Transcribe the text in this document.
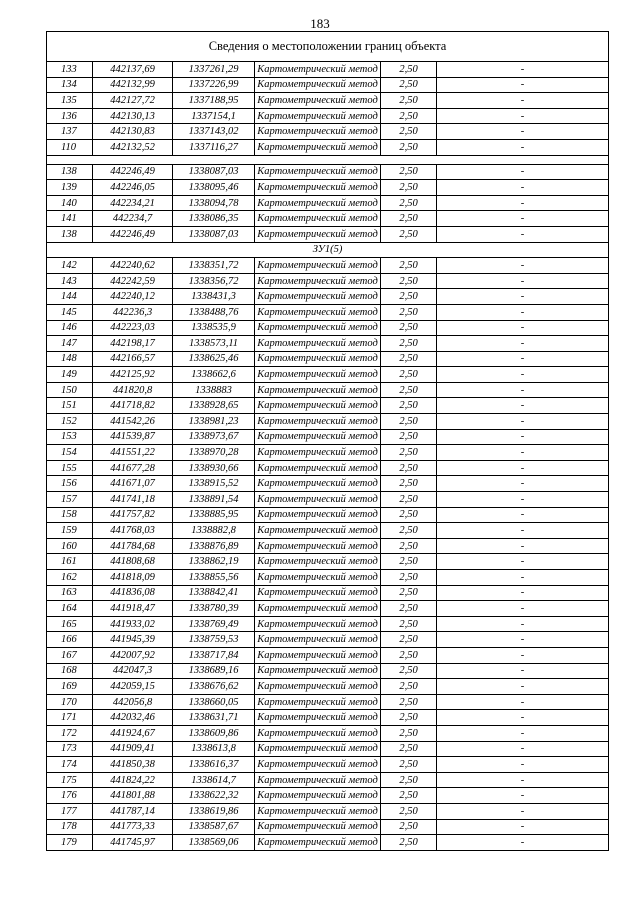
183
Сведения о местоположении границ объекта					
133	442137,69	1337261,29	Картометрический метод	2,50	-
134	442132,99	1337226,99	Картометрический метод	2,50	-
135	442127,72	1337188,95	Картометрический метод	2,50	-
136	442130,13	1337154,1	Картометрический метод	2,50	-
137	442130,83	1337143,02	Картометрический метод	2,50	-
110	442132,52	1337116,27	Картометрический метод	2,50	-

138	442246,49	1338087,03	Картометрический метод	2,50	-
139	442246,05	1338095,46	Картометрический метод	2,50	-
140	442234,21	1338094,78	Картометрический метод	2,50	-
141	442234,7	1338086,35	Картометрический метод	2,50	-
138	442246,49	1338087,03	Картометрический метод	2,50	-
ЗУ1(5)					
142	442240,62	1338351,72	Картометрический метод	2,50	-
143	442242,59	1338356,72	Картометрический метод	2,50	-
144	442240,12	1338431,3	Картометрический метод	2,50	-
145	442236,3	1338488,76	Картометрический метод	2,50	-
146	442223,03	1338535,9	Картометрический метод	2,50	-
147	442198,17	1338573,11	Картометрический метод	2,50	-
148	442166,57	1338625,46	Картометрический метод	2,50	-
149	442125,92	1338662,6	Картометрический метод	2,50	-
150	441820,8	1338883	Картометрический метод	2,50	-
151	441718,82	1338928,65	Картометрический метод	2,50	-
152	441542,26	1338981,23	Картометрический метод	2,50	-
153	441539,87	1338973,67	Картометрический метод	2,50	-
154	441551,22	1338970,28	Картометрический метод	2,50	-
155	441677,28	1338930,66	Картометрический метод	2,50	-
156	441671,07	1338915,52	Картометрический метод	2,50	-
157	441741,18	1338891,54	Картометрический метод	2,50	-
158	441757,82	1338885,95	Картометрический метод	2,50	-
159	441768,03	1338882,8	Картометрический метод	2,50	-
160	441784,68	1338876,89	Картометрический метод	2,50	-
161	441808,68	1338862,19	Картометрический метод	2,50	-
162	441818,09	1338855,56	Картометрический метод	2,50	-
163	441836,08	1338842,41	Картометрический метод	2,50	-
164	441918,47	1338780,39	Картометрический метод	2,50	-
165	441933,02	1338769,49	Картометрический метод	2,50	-
166	441945,39	1338759,53	Картометрический метод	2,50	-
167	442007,92	1338717,84	Картометрический метод	2,50	-
168	442047,3	1338689,16	Картометрический метод	2,50	-
169	442059,15	1338676,62	Картометрический метод	2,50	-
170	442056,8	1338660,05	Картометрический метод	2,50	-
171	442032,46	1338631,71	Картометрический метод	2,50	-
172	441924,67	1338609,86	Картометрический метод	2,50	-
173	441909,41	1338613,8	Картометрический метод	2,50	-
174	441850,38	1338616,37	Картометрический метод	2,50	-
175	441824,22	1338614,7	Картометрический метод	2,50	-
176	441801,88	1338622,32	Картометрический метод	2,50	-
177	441787,14	1338619,86	Картометрический метод	2,50	-
178	441773,33	1338587,67	Картометрический метод	2,50	-
179	441745,97	1338569,06	Картометрический метод	2,50	-
